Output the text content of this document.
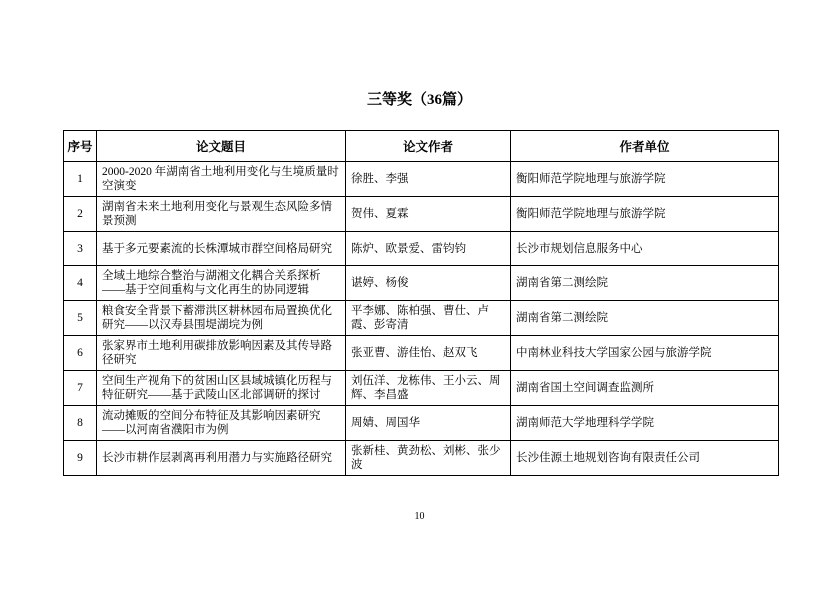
三等奖（36篇）
序号	论文题目	论文作者	作者单位
1	2000-2020 年湖南省土地利用变化与生境质量时空演变	徐胜、李强	衡阳师范学院地理与旅游学院
2	湖南省未来土地利用变化与景观生态风险多情景预测	贺伟、夏霖	衡阳师范学院地理与旅游学院
3	基于多元要素流的长株潭城市群空间格局研究	陈炉、欧景爱、雷钧钧	长沙市规划信息服务中心
4	全域土地综合整治与湖湘文化耦合关系探析——基于空间重构与文化再生的协同逻辑	谌婷、杨俊	湖南省第二测绘院
5	粮食安全背景下蓄滞洪区耕林园布局置换优化研究——以汉寿县围堤湖垸为例	平李娜、陈柏强、曹仕、卢霞、彭寄清	湖南省第二测绘院
6	张家界市土地利用碳排放影响因素及其传导路径研究	张亚曹、游佳怡、赵双飞	中南林业科技大学国家公园与旅游学院
7	空间生产视角下的贫困山区县域城镇化历程与特征研究——基于武陵山区北部调研的探讨	刘伍洋、龙栋伟、王小云、周辉、李昌盛	湖南省国土空间调查监测所
8	流动摊贩的空间分布特征及其影响因素研究——以河南省濮阳市为例	周婧、周国华	湖南师范大学地理科学学院
9	长沙市耕作层剥离再利用潜力与实施路径研究	张新桂、黄劲松、刘彬、张少波	长沙佳源土地规划咨询有限责任公司
10
